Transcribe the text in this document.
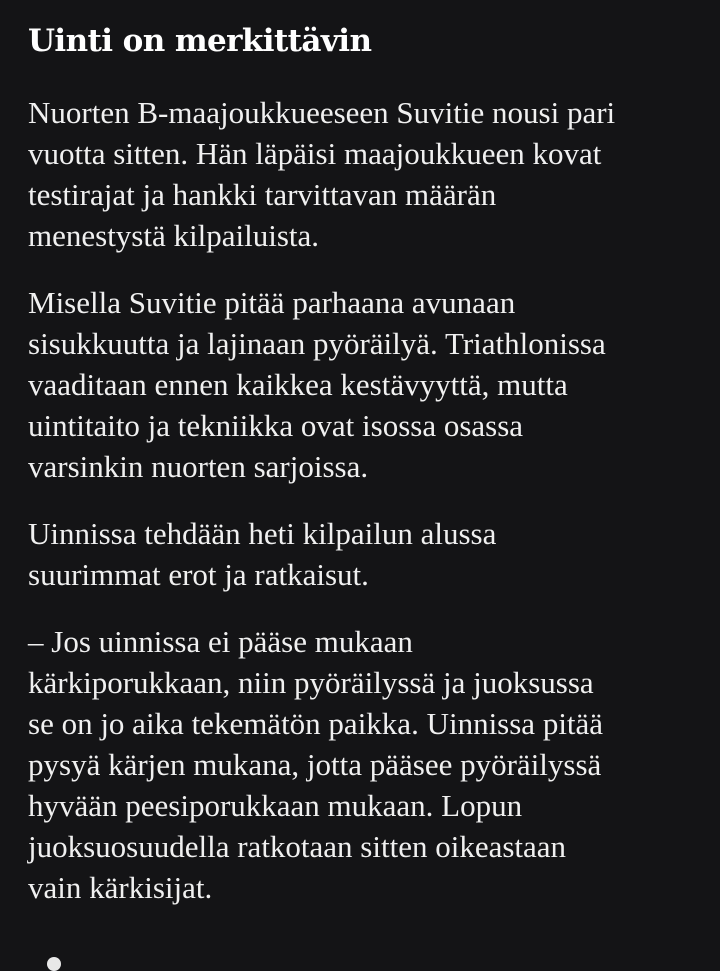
Uinti on merkittävin

Nuorten B-maajoukkueeseen Suvitie nousi pari
vuotta sitten. Hän läpäisi maajoukkueen kovat
testirajat ja hankki tarvittavan määrän
menestystä kilpailuista.

Misella Suvitie pitää parhaana avunaan
sisukkuutta ja lajinaan pyöräilyä. Triathlonissa
vaaditaan ennen kaikkea kestävyyttä, mutta
uintitaito ja tekniikka ovat isossa osassa
varsinkin nuorten sarjoissa.

Uinnissa tehdään heti kilpailun alussa
suurimmat erot ja ratkaisut.

– Jos uinnissa ei pääse mukaan
kärkiporukkaan, niin pyöräilyssä ja juoksussa
se on jo aika tekemätön paikka. Uinnissa pitää
pysyä kärjen mukana, jotta pääsee pyöräilyssä
hyvään peesiporukkaan mukaan. Lopun
juoksuosuudella ratkotaan sitten oikeastaan
vain kärkisijat.
